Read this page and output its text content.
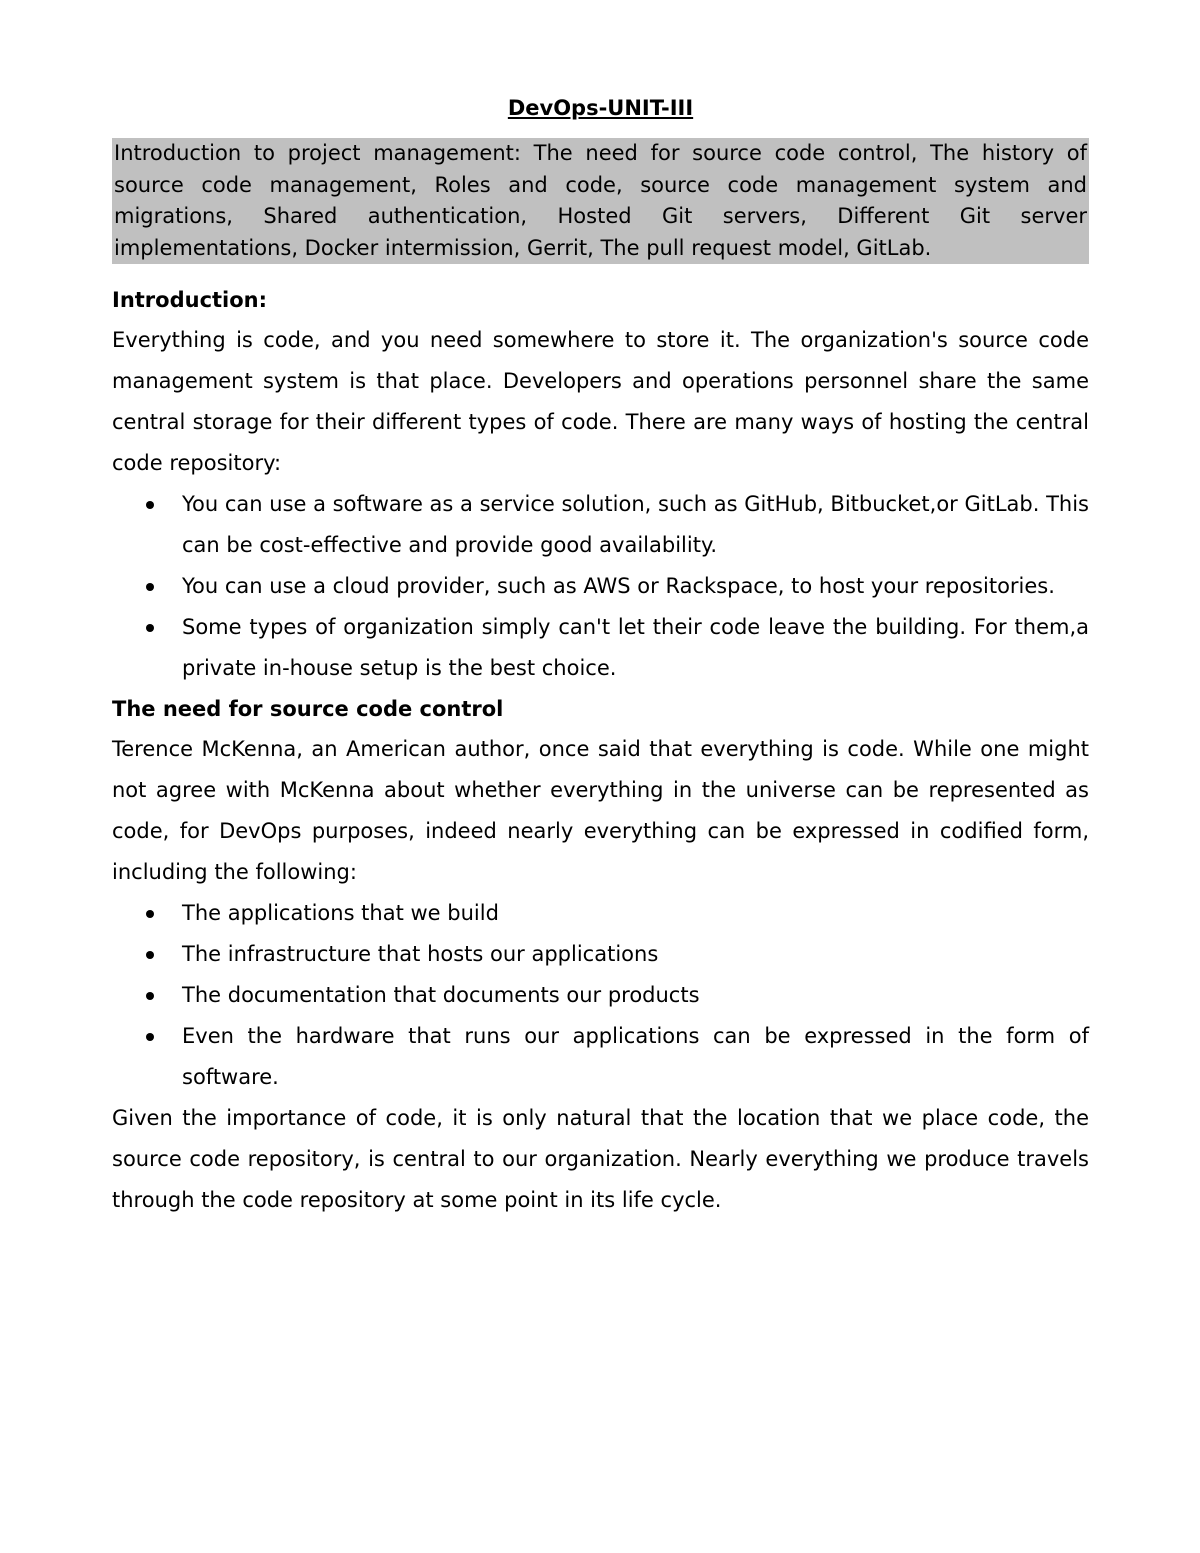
DevOps-UNIT-III
Introduction to project management: The need for source code control, The history of source code management, Roles and code, source code management system and migrations, Shared authentication, Hosted Git servers, Different Git server implementations, Docker intermission, Gerrit, The pull request model, GitLab.
Introduction:

Everything is code, and you need somewhere to store it. The organization's source code management system is that place. Developers and operations personnel share the same central storage for their different types of code. There are many ways of hosting the central code repository:

You can use a software as a service solution, such as GitHub, Bitbucket,or GitLab. This can be cost-effective and provide good availability.
You can use a cloud provider, such as AWS or Rackspace, to host your repositories.
Some types of organization simply can't let their code leave the building. For them,a private in-house setup is the best choice.
The need for source code control

Terence McKenna, an American author, once said that everything is code. While one might not agree with McKenna about whether everything in the universe can be represented as code, for DevOps purposes, indeed nearly everything can be expressed in codified form, including the following:

The applications that we build
The infrastructure that hosts our applications
The documentation that documents our products
Even the hardware that runs our applications can be expressed in the form of software.

Given the importance of code, it is only natural that the location that we place code, the source code repository, is central to our organization. Nearly everything we produce travels through the code repository at some point in its life cycle.
